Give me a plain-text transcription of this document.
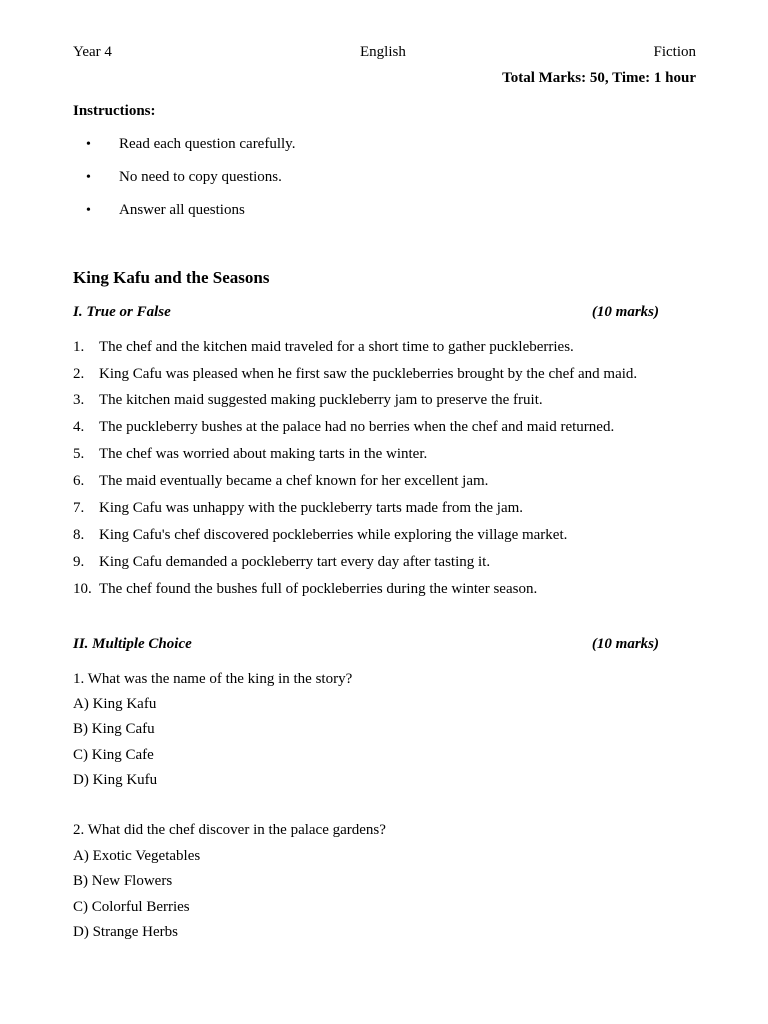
Year 4	English	Fiction
Total Marks: 50, Time: 1 hour
Instructions:
• Read each question carefully.
• No need to copy questions.
• Answer all questions
King Kafu and the Seasons
I. True or False	(10 marks)
1. The chef and the kitchen maid traveled for a short time to gather puckleberries.
2. King Cafu was pleased when he first saw the puckleberries brought by the chef and maid.
3. The kitchen maid suggested making puckleberry jam to preserve the fruit.
4. The puckleberry bushes at the palace had no berries when the chef and maid returned.
5. The chef was worried about making tarts in the winter.
6. The maid eventually became a chef known for her excellent jam.
7. King Cafu was unhappy with the puckleberry tarts made from the jam.
8. King Cafu's chef discovered pockleberries while exploring the village market.
9. King Cafu demanded a pockleberry tart every day after tasting it.
10. The chef found the bushes full of pockleberries during the winter season.
II. Multiple Choice	(10 marks)
1. What was the name of the king in the story?
A) King Kafu
B) King Cafu
C) King Cafe
D) King Kufu
2. What did the chef discover in the palace gardens?
A) Exotic Vegetables
B) New Flowers
C) Colorful Berries
D) Strange Herbs
